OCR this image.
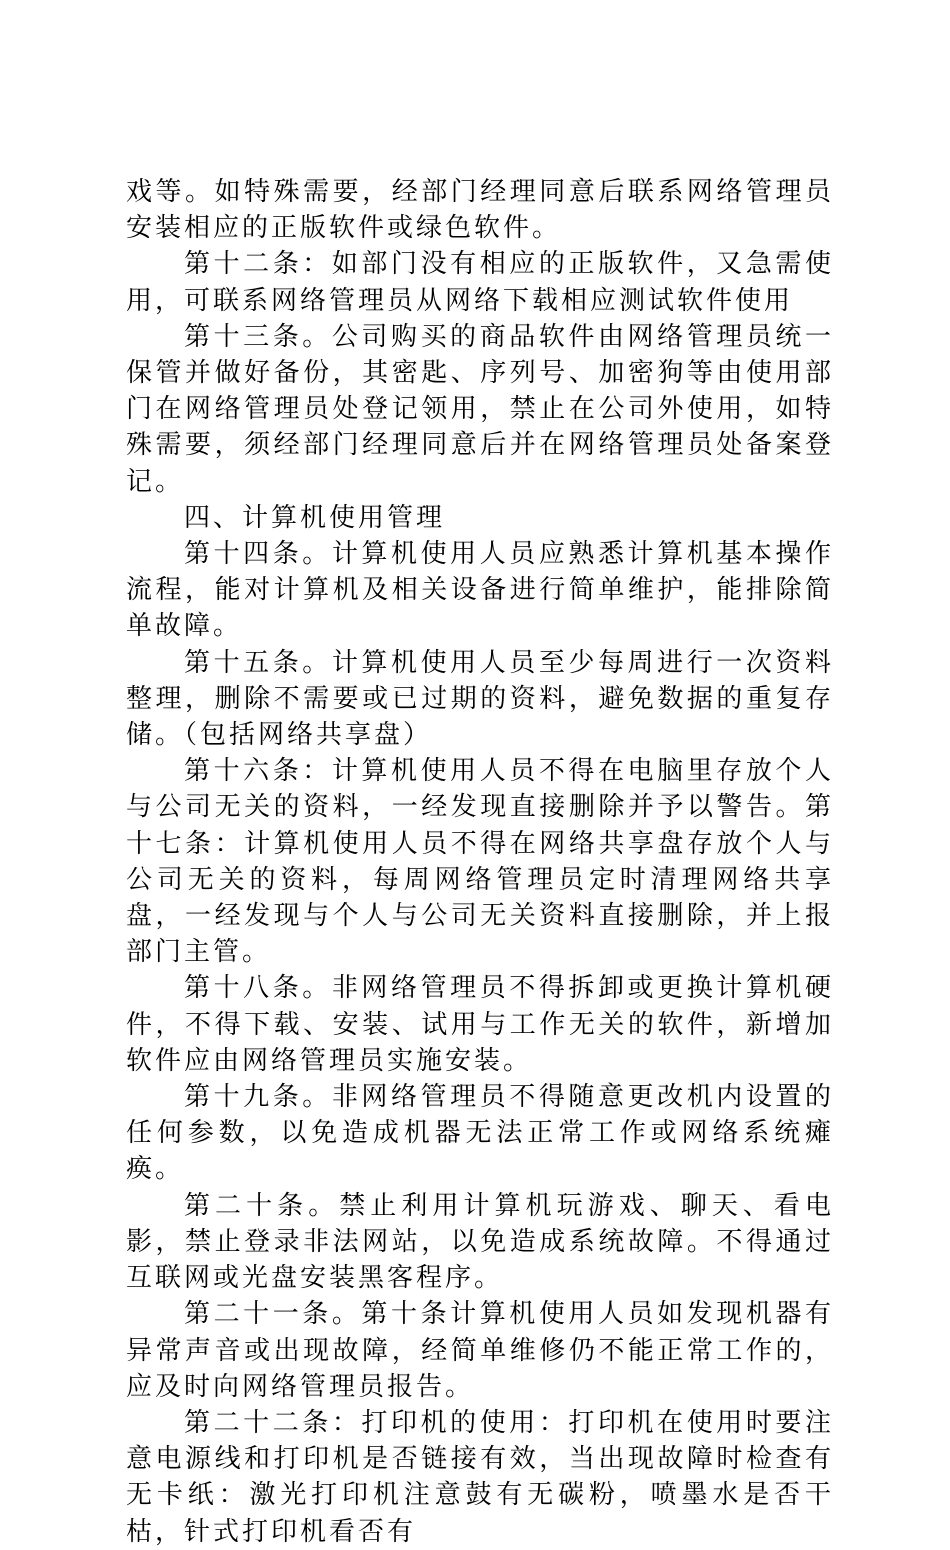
戏等。如特殊需要，经部门经理同意后联系网络管理员安装相应的正版软件或绿色软件。

第十二条：如部门没有相应的正版软件，又急需使用，可联系网络管理员从网络下载相应测试软件使用

第十三条。公司购买的商品软件由网络管理员统一保管并做好备份，其密匙、序列号、加密狗等由使用部门在网络管理员处登记领用，禁止在公司外使用，如特殊需要，须经部门经理同意后并在网络管理员处备案登记。

四、计算机使用管理

第十四条。计算机使用人员应熟悉计算机基本操作流程，能对计算机及相关设备进行简单维护，能排除简单故障。

第十五条。计算机使用人员至少每周进行一次资料整理，删除不需要或已过期的资料，避免数据的重复存储。（包括网络共享盘）

第十六条：计算机使用人员不得在电脑里存放个人与公司无关的资料，一经发现直接删除并予以警告。第十七条：计算机使用人员不得在网络共享盘存放个人与公司无关的资料，每周网络管理员定时清理网络共享盘，一经发现与个人与公司无关资料直接删除，并上报部门主管。

第十八条。非网络管理员不得拆卸或更换计算机硬件，不得下载、安装、试用与工作无关的软件，新增加软件应由网络管理员实施安装。

第十九条。非网络管理员不得随意更改机内设置的任何参数，以免造成机器无法正常工作或网络系统瘫痪。

第二十条。禁止利用计算机玩游戏、聊天、看电影，禁止登录非法网站，以免造成系统故障。不得通过互联网或光盘安装黑客程序。

第二十一条。第十条计算机使用人员如发现机器有异常声音或出现故障，经简单维修仍不能正常工作的，应及时向网络管理员报告。

第二十二条：打印机的使用：打印机在使用时要注意电源线和打印机是否链接有效，当出现故障时检查有无卡纸：激光打印机注意鼓有无碳粉，喷墨水是否干枯，针式打印机看否有
